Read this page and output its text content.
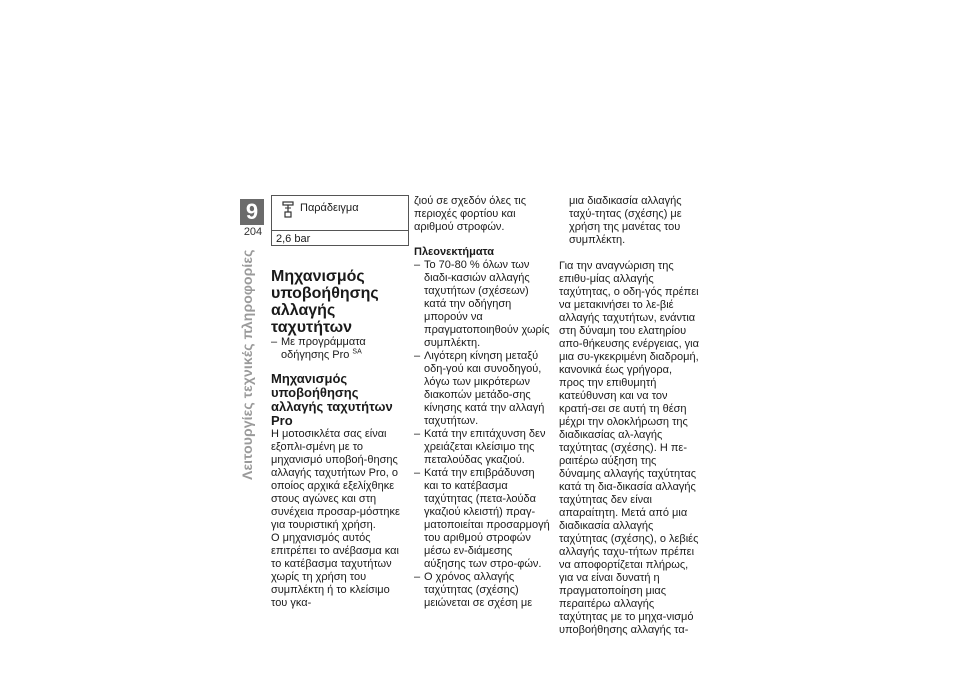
9
204
Λειτουργίες τεχνικές πληροφορίες
Παράδειγμα
2,6 bar
Μηχανισμός υποβοήθησης αλλαγής ταχυτήτων

– Με προγράμματα οδήγησης Pro $^{SA}$

Μηχανισμός υποβοήθησης αλλαγής ταχυτήτων Pro

Η μοτοσικλέτα σας είναι εξοπλι-σμένη με το μηχανισμό υποβοή-θησης αλλαγής ταχυτήτων Pro, ο οποίος αρχικά εξελίχθηκε στους αγώνες και στη συνέχεια προσαρ-μόστηκε για τουριστική χρήση.

Ο μηχανισμός αυτός επιτρέπει το ανέβασμα και το κατέβασμα ταχυτήτων χωρίς τη χρήση του συμπλέκτη ή το κλείσιμο του γκα-

ζιού σε σχεδόν όλες τις περιοχές φορτίου και αριθμού στροφών.

Πλεονεκτήματα

– Το 70-80 % όλων των διαδι-κασιών αλλαγής ταχυτήτων (σχέσεων) κατά την οδήγηση μπορούν να πραγματοποιηθούν χωρίς συμπλέκτη.

– Λιγότερη κίνηση μεταξύ οδη-γού και συνοδηγού, λόγω των μικρότερων διακοπών μετάδο-σης κίνησης κατά την αλλαγή ταχυτήτων.

– Κατά την επιτάχυνση δεν χρειάζεται κλείσιμο της πεταλούδας γκαζιού.

– Κατά την επιβράδυνση και το κατέβασμα ταχύτητας (πετα-λούδα γκαζιού κλειστή) πραγ-ματοποιείται προσαρμογή του αριθμού στροφών μέσω εν-διάμεσης αύξησης των στρο-φών.

– Ο χρόνος αλλαγής ταχύτητας (σχέσης) μειώνεται σε σχέση με

μια διαδικασία αλλαγής ταχύ-τητας (σχέσης) με χρήση της μανέτας του συμπλέκτη.

Για την αναγνώριση της επιθυ-μίας αλλαγής ταχύτητας, ο οδη-γός πρέπει να μετακινήσει το λε-βιέ αλλαγής ταχυτήτων, ενάντια στη δύναμη του ελατηρίου απο-θήκευσης ενέργειας, για μια συ-γκεκριμένη διαδρομή, κανονικά έως γρήγορα, προς την επιθυμητή κατεύθυνση και να τον κρατή-σει σε αυτή τη θέση μέχρι την ολοκλήρωση της διαδικασίας αλ-λαγής ταχύτητας (σχέσης). Η πε-ραιτέρω αύξηση της δύναμης αλλαγής ταχύτητας κατά τη δια-δικασία αλλαγής ταχύτητας δεν είναι απαραίτητη. Μετά από μια διαδικασία αλλαγής ταχύτητας (σχέσης), ο λεβιές αλλαγής ταχυ-τήτων πρέπει να αποφορτίζεται πλήρως, για να είναι δυνατή η πραγματοποίηση μιας περαιτέρω αλλαγής ταχύτητας με το μηχα-νισμό υποβοήθησης αλλαγής τα-
